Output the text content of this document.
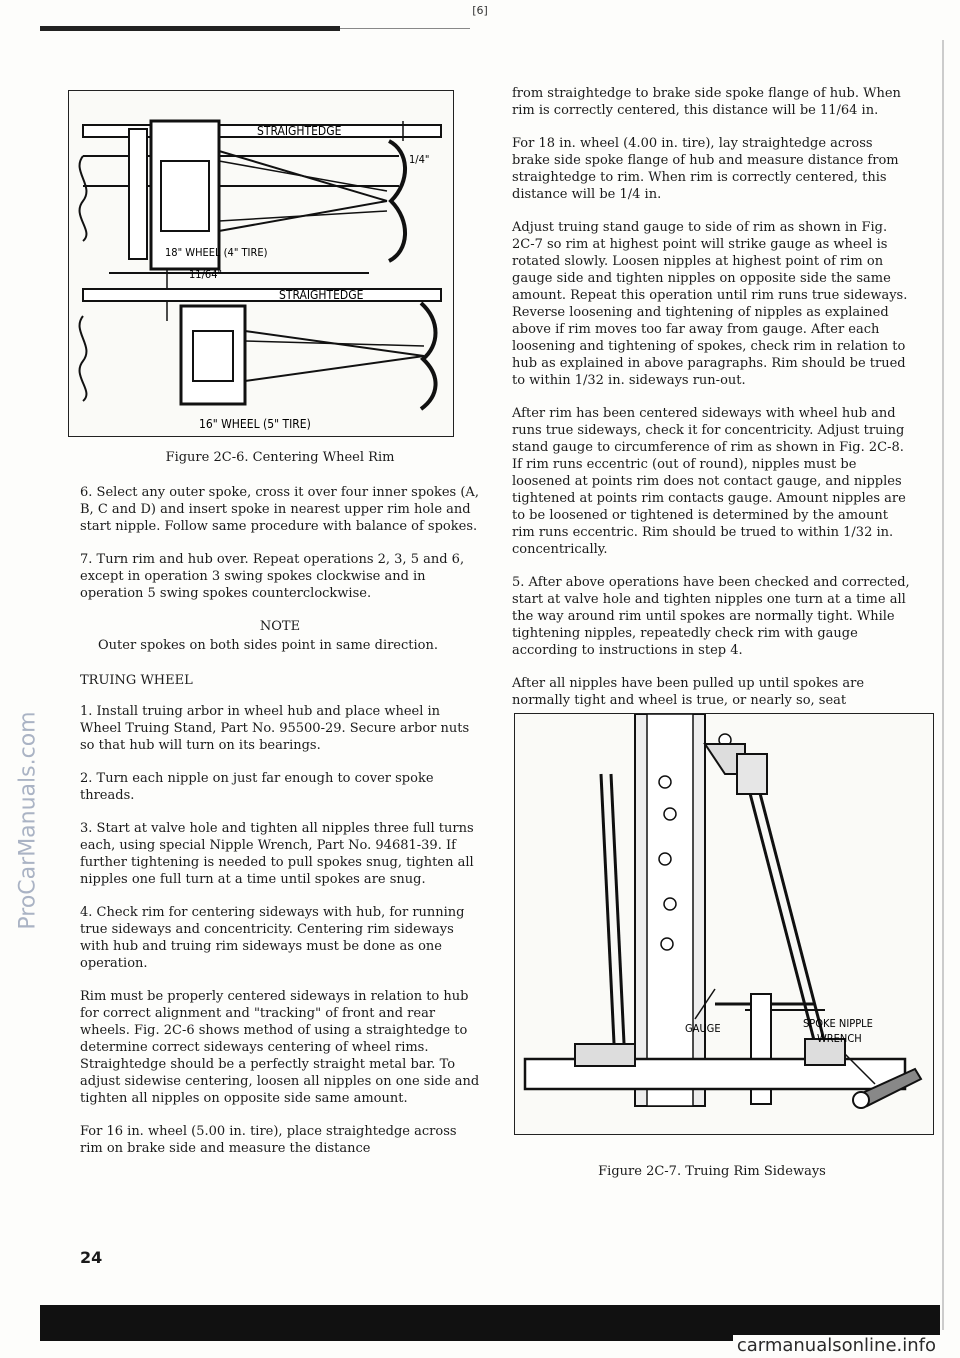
[6]
ProCarManuals.com
STRAIGHTEDGE
1/4"
18" WHEEL (4" TIRE)
11/64"
STRAIGHTEDGE
16" WHEEL (5" TIRE)
Figure 2C-6. Centering Wheel Rim

6. Select any outer spoke, cross it over four inner spokes (A, B, C and D) and insert spoke in nearest upper rim hole and start nipple. Follow same procedure with balance of spokes.

7. Turn rim and hub over. Repeat operations 2, 3, 5 and 6, except in operation 3 swing spokes clockwise and in operation 5 swing spokes counterclockwise.

NOTE
Outer spokes on both sides point in same direction.
TRUING WHEEL

1. Install truing arbor in wheel hub and place wheel in Wheel Truing Stand, Part No. 95500-29. Secure arbor nuts so that hub will turn on its bearings.

2. Turn each nipple on just far enough to cover spoke threads.

3. Start at valve hole and tighten all nipples three full turns each, using special Nipple Wrench, Part No. 94681-39. If further tightening is needed to pull spokes snug, tighten all nipples one full turn at a time until spokes are snug.

4. Check rim for centering sideways with hub, for running true sideways and concentricity. Centering rim sideways with hub and truing rim sideways must be done as one operation.

Rim must be properly centered sideways in relation to hub for correct alignment and "tracking" of front and rear wheels. Fig. 2C-6 shows method of using a straightedge to determine correct sideways centering of wheel rims. Straightedge should be a perfectly straight metal bar. To adjust sidewise centering, loosen all nipples on one side and tighten all nipples on opposite side same amount.

For 16 in. wheel (5.00 in. tire), place straightedge across rim on brake side and measure the distance

from straightedge to brake side spoke flange of hub. When rim is correctly centered, this distance will be 11/64 in.

For 18 in. wheel (4.00 in. tire), lay straightedge across brake side spoke flange of hub and measure distance from straightedge to rim. When rim is correctly centered, this distance will be 1/4 in.

Adjust truing stand gauge to side of rim as shown in Fig. 2C-7 so rim at highest point will strike gauge as wheel is rotated slowly. Loosen nipples at highest point of rim on gauge side and tighten nipples on opposite side the same amount. Repeat this operation until rim runs true sideways. Reverse loosening and tightening of nipples as explained above if rim moves too far away from gauge. After each loosening and tightening of spokes, check rim in relation to hub as explained in above paragraphs. Rim should be trued to within 1/32 in. sideways run-out.

After rim has been centered sideways with wheel hub and runs true sideways, check it for concentricity. Adjust truing stand gauge to circumference of rim as shown in Fig. 2C-8. If rim runs eccentric (out of round), nipples must be loosened at points rim does not contact gauge, and nipples tightened at points rim contacts gauge. Amount nipples are to be loosened or tightened is determined by the amount rim runs eccentric. Rim should be trued to within 1/32 in. concentrically.

5. After above operations have been checked and corrected, start at valve hole and tighten nipples one turn at a time all the way around rim until spokes are normally tight. While tightening nipples, repeatedly check rim with gauge according to instructions in step 4.

After all nipples have been pulled up until spokes are normally tight and wheel is true, or nearly so, seat

GAUGE	SPOKE NIPPLE
WRENCH
Figure 2C-7. Truing Rim Sideways
24
carmanualsonline.info
